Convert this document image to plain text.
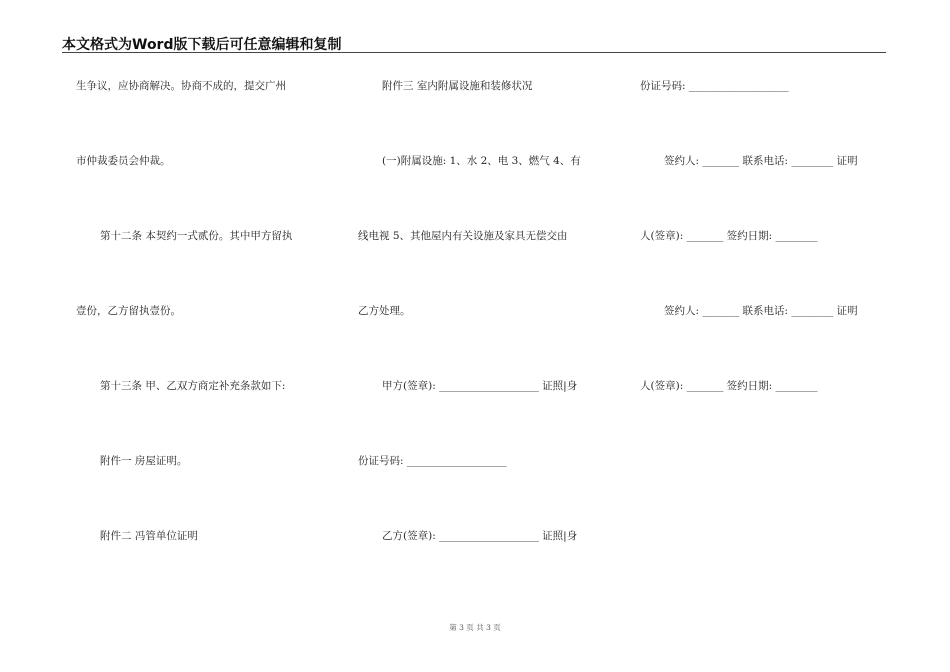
本文格式为Word版下载后可任意编辑和复制
生争议，应协商解决。协商不成的，提交广州
市仲裁委员会仲裁。
第十二条 本契约一式贰份。其中甲方留执
壹份，乙方留执壹份。
第十三条 甲、乙双方商定补充条款如下:
附件一 房屋证明。
附件二 冯管单位证明
附件三 室内附属设施和装修状况
(一)附属设施: 1、水 2、电 3、燃气 4、有
线电视 5、其他屋内有关设施及家具无偿交由
乙方处理。
甲方(签章): ___________________ 证照|身
份证号码: ___________________
乙方(签章): ___________________ 证照|身
份证号码: ___________________
签约人: _______ 联系电话: ________ 证明
人(签章): _______ 签约日期: ________
签约人: _______ 联系电话: ________ 证明
人(签章): _______ 签约日期: ________
第 3 页 共 3 页
